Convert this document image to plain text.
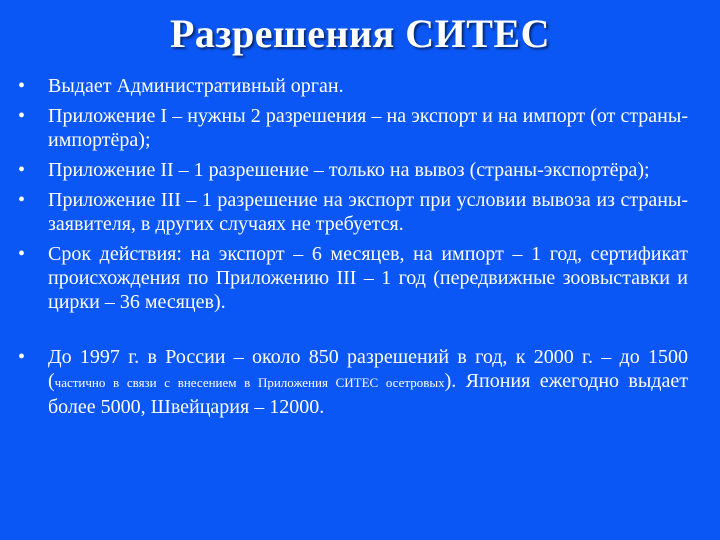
Разрешения СИТЕС
•	Выдает Административный орган.
•	Приложение I – нужны 2 разрешения – на экспорт и на импорт (от страны-импортёра);
•	Приложение II – 1 разрешение – только на вывоз (страны-экспортёра);
•	Приложение III – 1 разрешение на экспорт при условии вывоза из страны-заявителя, в других случаях не требуется.
•	Срок действия: на экспорт – 6 месяцев, на импорт – 1 год, сертификат происхождения по Приложению III – 1 год (передвижные зоовыставки и цирки – 36 месяцев).
•	До 1997 г. в России – около 850 разрешений в год, к 2000 г. – до 1500 (частично в связи с внесением в Приложения СИТЕС осетровых). Япония ежегодно выдает более 5000, Швейцария – 12000.
